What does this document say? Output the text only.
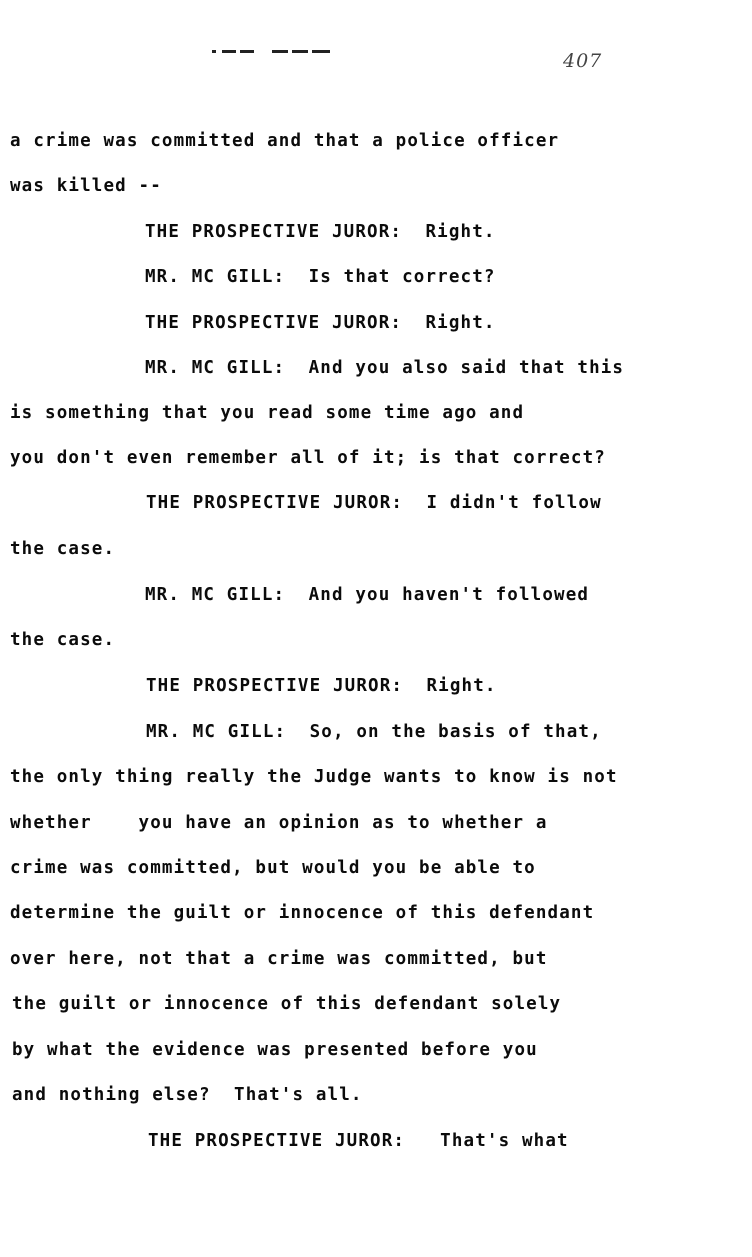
407
a crime was committed and that a police officer
was killed --
THE PROSPECTIVE JUROR:  Right.
MR. MC GILL:  Is that correct?
THE PROSPECTIVE JUROR:  Right.
MR. MC GILL:  And you also said that this
is something that you read some time ago and
you don't even remember all of it; is that correct?
THE PROSPECTIVE JUROR:  I didn't follow
the case.
MR. MC GILL:  And you haven't followed
the case.
THE PROSPECTIVE JUROR:  Right.
MR. MC GILL:  So, on the basis of that,
the only thing really the Judge wants to know is not
whether    you have an opinion as to whether a
crime was committed, but would you be able to
determine the guilt or innocence of this defendant
over here, not that a crime was committed, but
the guilt or innocence of this defendant solely
by what the evidence was presented before you
and nothing else?  That's all.
THE PROSPECTIVE JUROR:   That's what
